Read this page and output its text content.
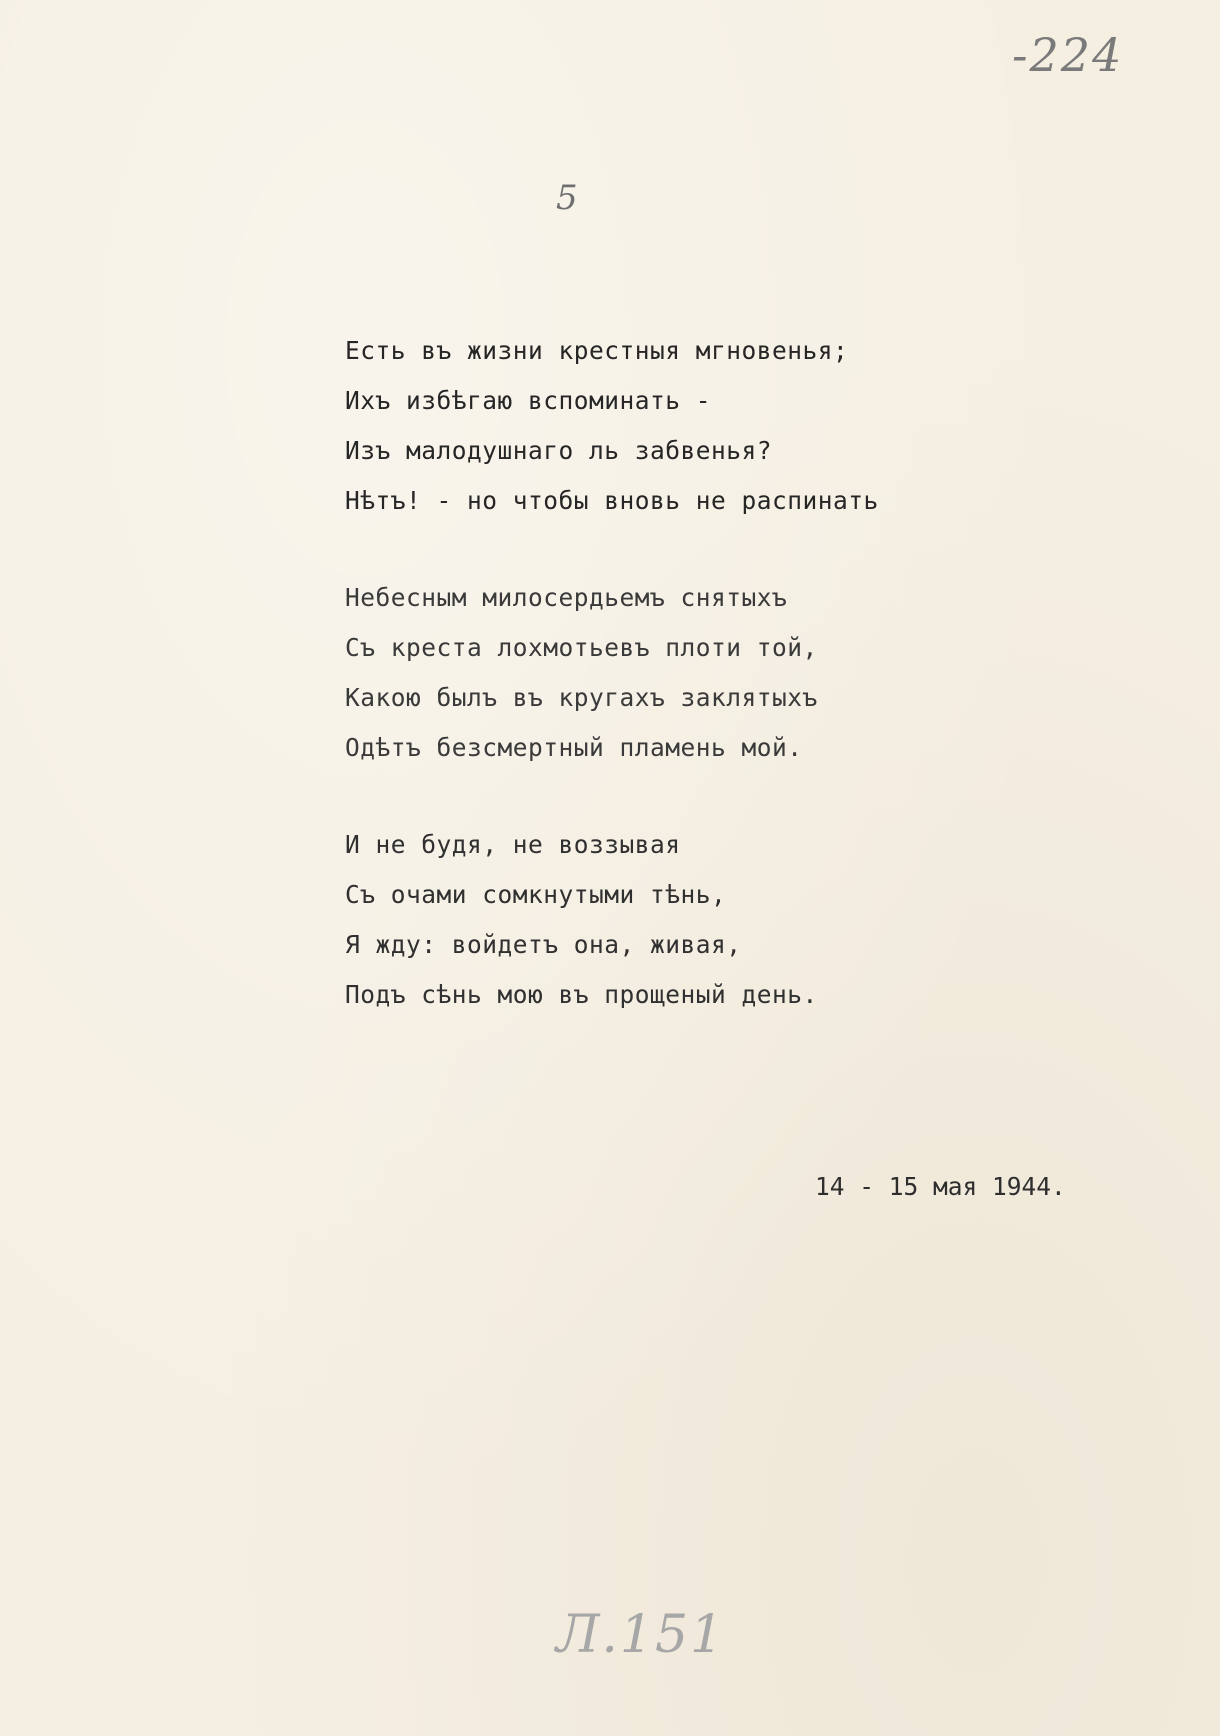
-224
5
Есть въ жизни крестныя мгновенья;
Ихъ избѣгаю вспоминать -
Изъ малодушнаго ль забвенья?
Нѣтъ! - но чтобы вновь не распинать
Небесным милосердьемъ снятыхъ
Съ креста лохмотьевъ плоти той,
Какою былъ въ кругахъ заклятыхъ
Одѣтъ безсмертный пламень мой.
И не будя, не воззывая
Съ очами сомкнутыми тѣнь,
Я жду: войдетъ она, живая,
Подъ сѣнь мою въ прощеный день.
14 - 15 мая 1944.
Л.151
